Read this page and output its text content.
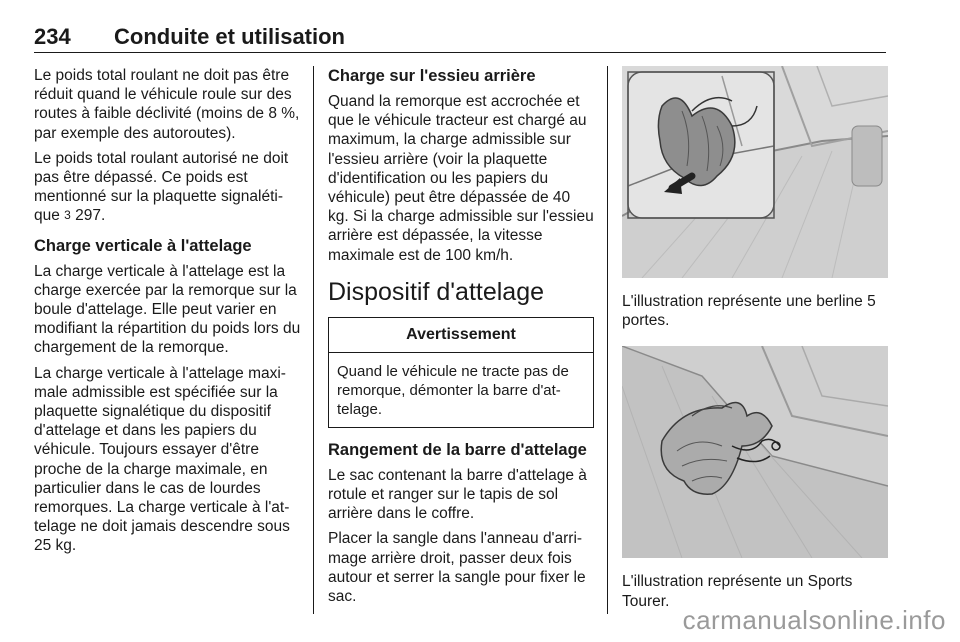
234 Conduite et utilisation

Le poids total roulant ne doit pas être réduit quand le véhicule roule sur des routes à faible déclivité (moins de 8 %, par exemple des autoroutes).

Le poids total roulant autorisé ne doit pas être dépassé. Ce poids est mentionné sur la plaquette signaléti- que 3 297.

Charge verticale à l'attelage

La charge verticale à l'attelage est la charge exercée par la remorque sur la boule d'attelage. Elle peut varier en modifiant la répartition du poids lors du chargement de la remorque.

La charge verticale à l'attelage maxi- male admissible est spécifiée sur la plaquette signalétique du dispositif d'attelage et dans les papiers du véhicule. Toujours essayer d'être proche de la charge maximale, en particulier dans le cas de lourdes remorques. La charge verticale à l'at- telage ne doit jamais descendre sous 25 kg.

Charge sur l'essieu arrière

Quand la remorque est accrochée et que le véhicule tracteur est chargé au maximum, la charge admissible sur l'essieu arrière (voir la plaquette d'identification ou les papiers du véhicule) peut être dépassée de 40 kg. Si la charge admissible sur l'essieu arrière est dépassée, la vitesse maximale est de 100 km/h.

Dispositif d'attelage
Avertissement
Quand le véhicule ne tracte pas de remorque, démonter la barre d'at- telage.
Rangement de la barre d'attelage

Le sac contenant la barre d'attelage à rotule et ranger sur le tapis de sol arrière dans le coffre.

Placer la sangle dans l'anneau d'arri- mage arrière droit, passer deux fois autour et serrer la sangle pour fixer le sac.

L'illustration représente une berline 5 portes.

L'illustration représente un Sports Tourer.

carmanualsonline.info
